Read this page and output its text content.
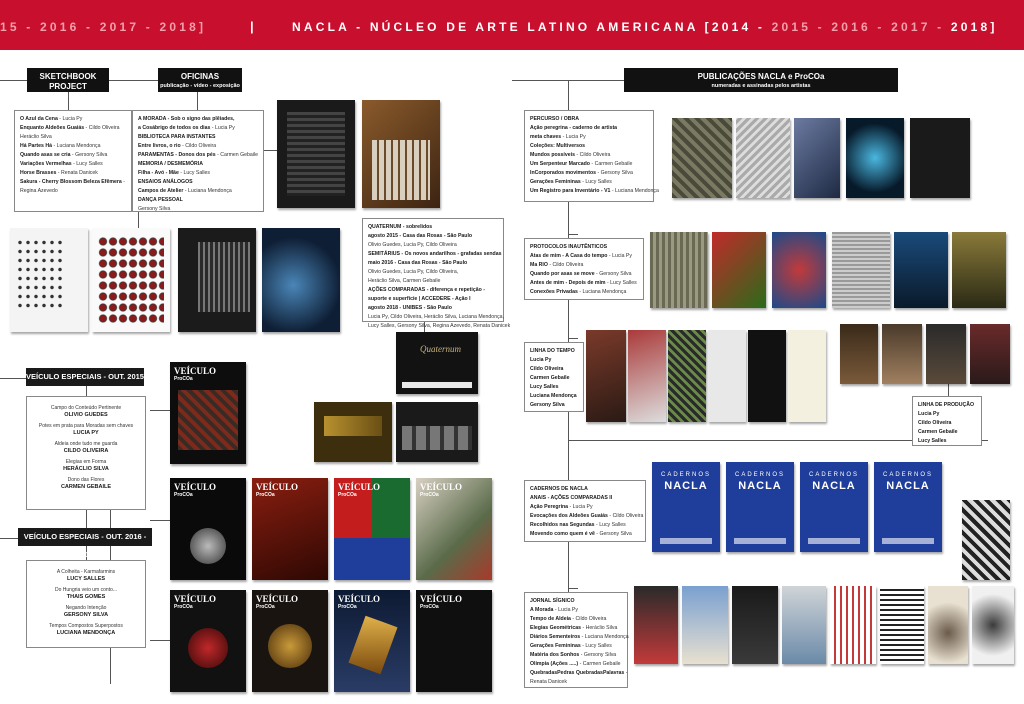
15 - 2016 - 2017 - 2018]	|	NACLA - NÚCLEO DE ARTE LATINO AMERICANA [2014 - 2015 - 2016 - 2017 - 2018]
SKETCHBOOK PROJECT
Brooklyn Art Library - NY
OFICINAS
publicação - vídeo - exposição
PUBLICAÇÕES NACLA e ProCOa
numeradas e assinadas pelos artistas
O Azul da Cena - Lucia Py
Enquanto Aldeões Guaiás - Cildo Oliveira
Heráclio Silva
Há Partes Há - Luciana Mendonça
Quando asas se cria - Gersony Silva
Variações Vermelhas - Lucy Salles
Horse Brasses - Renata Danicek
Sakura - Cherry Blossom Beleza Efêmera -
Regina Azevedo
A MORADA - Sob o signo das plêiades,
a Cosábrigo de todos os dias - Lucia Py
BIBLIOTECA PARA INSTANTES
Entre livros, o rio - Cildo Oliveira
PARAMENTAS - Donos dos pés - Carmen Gebaile
MEMORIA / DESMEMÓRIA
Filha - Avó - Mãe - Lucy Salles
ENSAIOS ANÁLOGOS
Campos de Atelier - Luciana Mendonça
DANÇA PESSOAL
Gersony Silva
QUATERNUM - sobrelidos
agosto 2015 - Casa das Rosas - São Paulo
Olivio Guedes, Lucia Py, Cildo Oliveira
SEMITÁRIUS - Os novos andarilhos - grafadas sendas
maio 2016 - Casa das Rosas - São Paulo
Olivio Guedes, Lucia Py, Cildo Oliveira,
Heráclio Silva, Carmen Gebaile
AÇÕES COMPARADAS - diferença e repetição -
suporte e superfície | ACCEDERE - Ação I
agosto 2018 - UNIBES - São Paulo
Lucia Py, Cildo Oliveira, Heráclio Silva, Luciana Mendonça,
Lucy Salles, Gersony Silva, Regina Azevedo, Renata Danicek
PERCURSO / OBRA
Ação peregrina - caderno de artista
meta chaves - Lucia Py
Coleções: Multiversos
Mundos possíveis - Cildo Oliveira
Um Serpenteur Marcado - Carmen Gebaile
InCorporados movimentos - Gersony Silva
Gerações Femininas - Lucy Salles
Um Registro para Inventário - V1 - Luciana Mendonça
PROTOCOLOS INAUTÊNTICOS
Atas de mim - A Casa do tempo - Lucia Py
Ma RIO - Cildo Oliveira
Quando por asas se move - Gersony Silva
Antes de mim - Depois de mim - Lucy Salles
Conexões Privadas - Luciana Mendonça
LINHA DO TEMPO
Lucia Py
Cildo Oliveira
Carmen Gebaile
Lucy Salles
Luciana Mendonça
Gersony Silva	LINHA DE PRODUÇÃO
Lucia Py
Cildo Oliveira
Carmen Gebaile
Lucy Salles
CADERNOS DE NACLA
ANAIS - AÇÕES COMPARADAS II
Ação Peregrina - Lucia Py
Evocações dos Aldeões Guaiás - Cildo Oliveira
Recolhidos nas Segundas - Lucy Salles
Movendo como quem é vê - Gersony Silva
JORNAL SÍGNICO
A Morada - Lucia Py
Tempo de Aldeia - Cildo Oliveira
Elegias Geométricas - Heráclio Silva
Diários Sementeiros - Luciana Mendonça
Gerações Femininas - Lucy Salles
Matéria dos Sonhos - Gersony Silva
Olímpia (Ações .....) - Carmen Gebaile
QuebradasPedras QuebradasPalavras -
Renata Danicek
VEÍCULO ESPECIAIS - OUT. 2015
Campo do Conteúdo Pertinente
OLIVIO GUEDES
Potes em prata para Moradas sem chaves
LUCIA PY
Aldeia onde tudo me guarda
CILDO OLIVEIRA
Elegias em Forma
HERÁCLIO SILVA
Dono das Flores
CARMEN GEBAILE
VEÍCULO ESPECIAIS - OUT. 2016 - 2017
A Colheita - Karmafarmins
LUCY SALLES
Do Hungria veio um conto...
THAIS GOMES
Negando Intenção
GERSONY SILVA
Tempos Compostos Superpostos
LUCIANA MENDONÇA
Quaternum
VEÍCULO
ProCOa
VEÍCULO
ProCOa
VEÍCULO
ProCOa
VEÍCULO
ProCOa
VEÍCULO
ProCOa
VEÍCULO
ProCOa
VEÍCULO
ProCOa
VEÍCULO
ProCOa
VEÍCULO
ProCOa
CADERNOS
NACLA
CADERNOS
NACLA
CADERNOS
NACLA
CADERNOS
NACLA
